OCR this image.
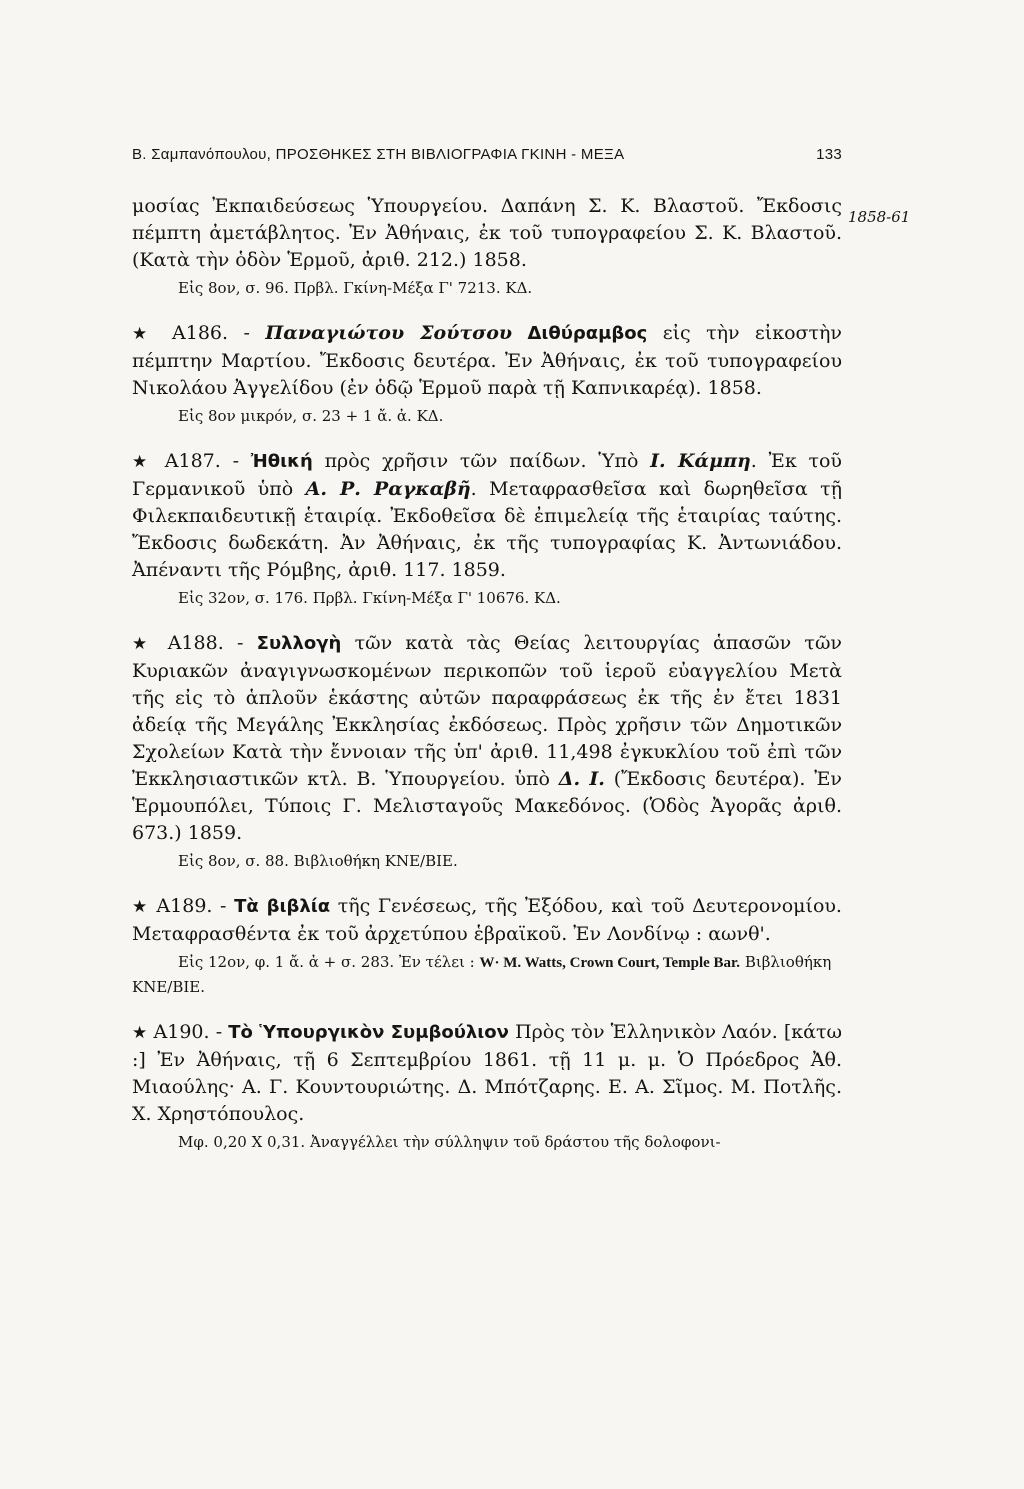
B. Σαμπανόπουλου, ΠΡΟΣΘΗΚΕΣ ΣΤΗ ΒΙΒΛΙΟΓΡΑΦΙΑ ΓΚΙΝΗ - ΜΕΞΑ	133
1858-61

μοσίας Ἐκπαιδεύσεως Ὑπουργείου. Δαπάνη Σ. Κ. Βλαστοῦ. Ἔκδοσις πέμπτη ἀμετάβλητος. Ἐν Ἀθήναις, ἐκ τοῦ τυπογραφείου Σ. Κ. Βλαστοῦ. (Κατὰ τὴν ὁδὸν Ἑρμοῦ, ἀριθ. 212.) 1858.

Εἰς 8ον, σ. 96. Πρβλ. Γκίνη-Μέξα Γ' 7213. ΚΔ.

★ A186. - Παναγιώτου Σούτσου Διθύραμβος εἰς τὴν εἰκοστὴν πέμπτην Μαρτίου. Ἔκδοσις δευτέρα. Ἐν Ἀθήναις, ἐκ τοῦ τυπογραφείου Νικολάου Ἀγγελίδου (ἐν ὁδῷ Ἑρμοῦ παρὰ τῇ Καπνικαρέᾳ). 1858.

Εἰς 8ον μικρόν, σ. 23 + 1 ἄ. ἀ. ΚΔ.

★ A187. - Ἠθική πρὸς χρῆσιν τῶν παίδων. Ὑπὸ Ι. Κάμπη. Ἐκ τοῦ Γερμανικοῦ ὑπὸ Α. Ρ. Ραγκαβῆ. Μεταφρασθεῖσα καὶ δωρηθεῖσα τῇ Φιλεκπαιδευτικῇ ἑταιρίᾳ. Ἐκδοθεῖσα δὲ ἐπιμελείᾳ τῆς ἑταιρίας ταύτης. Ἔκδοσις δωδεκάτη. Ἀν Ἀθήναις, ἐκ τῆς τυπογραφίας Κ. Ἀντωνιάδου. Ἀπέναντι τῆς Ρόμβης, ἀριθ. 117. 1859.

Εἰς 32ον, σ. 176. Πρβλ. Γκίνη-Μέξα Γ' 10676. ΚΔ.

★ A188. - Συλλογὴ τῶν κατὰ τὰς Θείας λειτουργίας ἁπασῶν τῶν Κυριακῶν ἀναγιγνωσκομένων περικοπῶν τοῦ ἱεροῦ εὐαγγελίου Μετὰ τῆς εἰς τὸ ἁπλοῦν ἑκάστης αὐτῶν παραφράσεως ἐκ τῆς ἐν ἔτει 1831 ἀδείᾳ τῆς Μεγάλης Ἐκκλησίας ἐκδόσεως. Πρὸς χρῆσιν τῶν Δημοτικῶν Σχολείων Κατὰ τὴν ἔννοιαν τῆς ὑπ' ἀριθ. 11,498 ἐγκυκλίου τοῦ ἐπὶ τῶν Ἐκκλησιαστικῶν κτλ. Β. Ὑπουργείου. ὑπὸ Δ. Ι. (Ἔκδοσις δευτέρα). Ἐν Ἑρμουπόλει, Τύποις Γ. Μελισταγοῦς Μακεδόνος. (Ὁδὸς Ἀγορᾶς ἀριθ. 673.) 1859.

Εἰς 8ον, σ. 88. Βιβλιοθήκη ΚΝΕ/ΒΙΕ.

★ A189. - Τὰ βιβλία τῆς Γενέσεως, τῆς Ἐξόδου, καὶ τοῦ Δευτερονομίου. Μεταφρασθέντα ἐκ τοῦ ἀρχετύπου ἑβραϊκοῦ. Ἐν Λονδίνῳ : αωνθ'.

Εἰς 12ον, φ. 1 ἄ. ἀ + σ. 283. Ἐν τέλει : W· M. Watts, Crown Court, Temple Bar. Βιβλιοθήκη ΚΝΕ/ΒΙΕ.

★ A190. - Τὸ Ὑπουργικὸν Συμβούλιον Πρὸς τὸν Ἑλληνικὸν Λαόν. [κάτω :] Ἐν Ἀθήναις, τῇ 6 Σεπτεμβρίου 1861. τῇ 11 μ. μ. Ὁ Πρόεδρος Ἀθ. Μιαούλης· Α. Γ. Κουντουριώτης. Δ. Μπότζαρης. Ε. Α. Σῖμος. Μ. Ποτλῆς. Χ. Χρηστόπουλος.

Μφ. 0,20 X 0,31. Ἀναγγέλλει τὴν σύλληψιν τοῦ δράστου τῆς δολοφονι-
